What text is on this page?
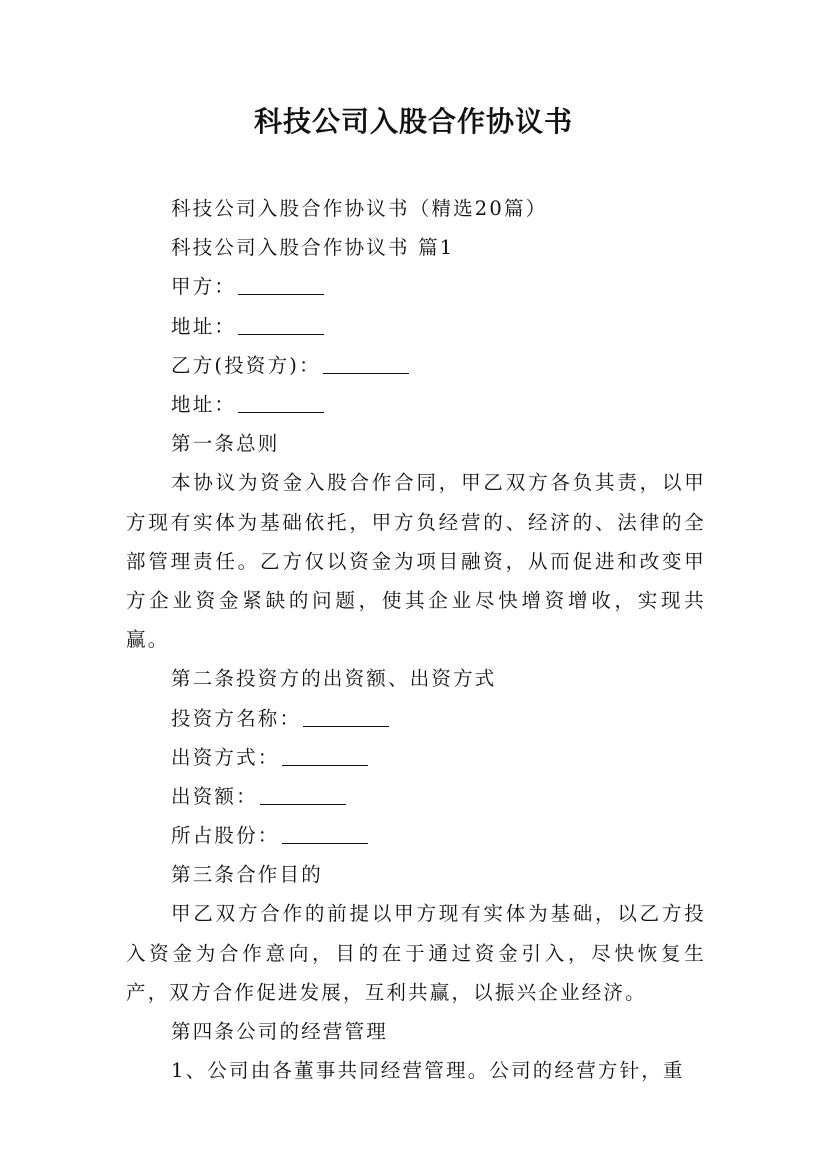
科技公司入股合作协议书

科技公司入股合作协议书（精选20篇）

科技公司入股合作协议书 篇1

甲方：

地址：

乙方(投资方)：

地址：

第一条总则

本协议为资金入股合作合同，甲乙双方各负其责，以甲方现有实体为基础依托，甲方负经营的、经济的、法律的全部管理责任。乙方仅以资金为项目融资，从而促进和改变甲方企业资金紧缺的问题，使其企业尽快增资增收，实现共赢。

第二条投资方的出资额、出资方式

投资方名称：

出资方式：

出资额：

所占股份：

第三条合作目的

甲乙双方合作的前提以甲方现有实体为基础，以乙方投入资金为合作意向，目的在于通过资金引入，尽快恢复生产，双方合作促进发展，互利共赢，以振兴企业经济。

第四条公司的经营管理

1、公司由各董事共同经营管理。公司的经营方针，重
